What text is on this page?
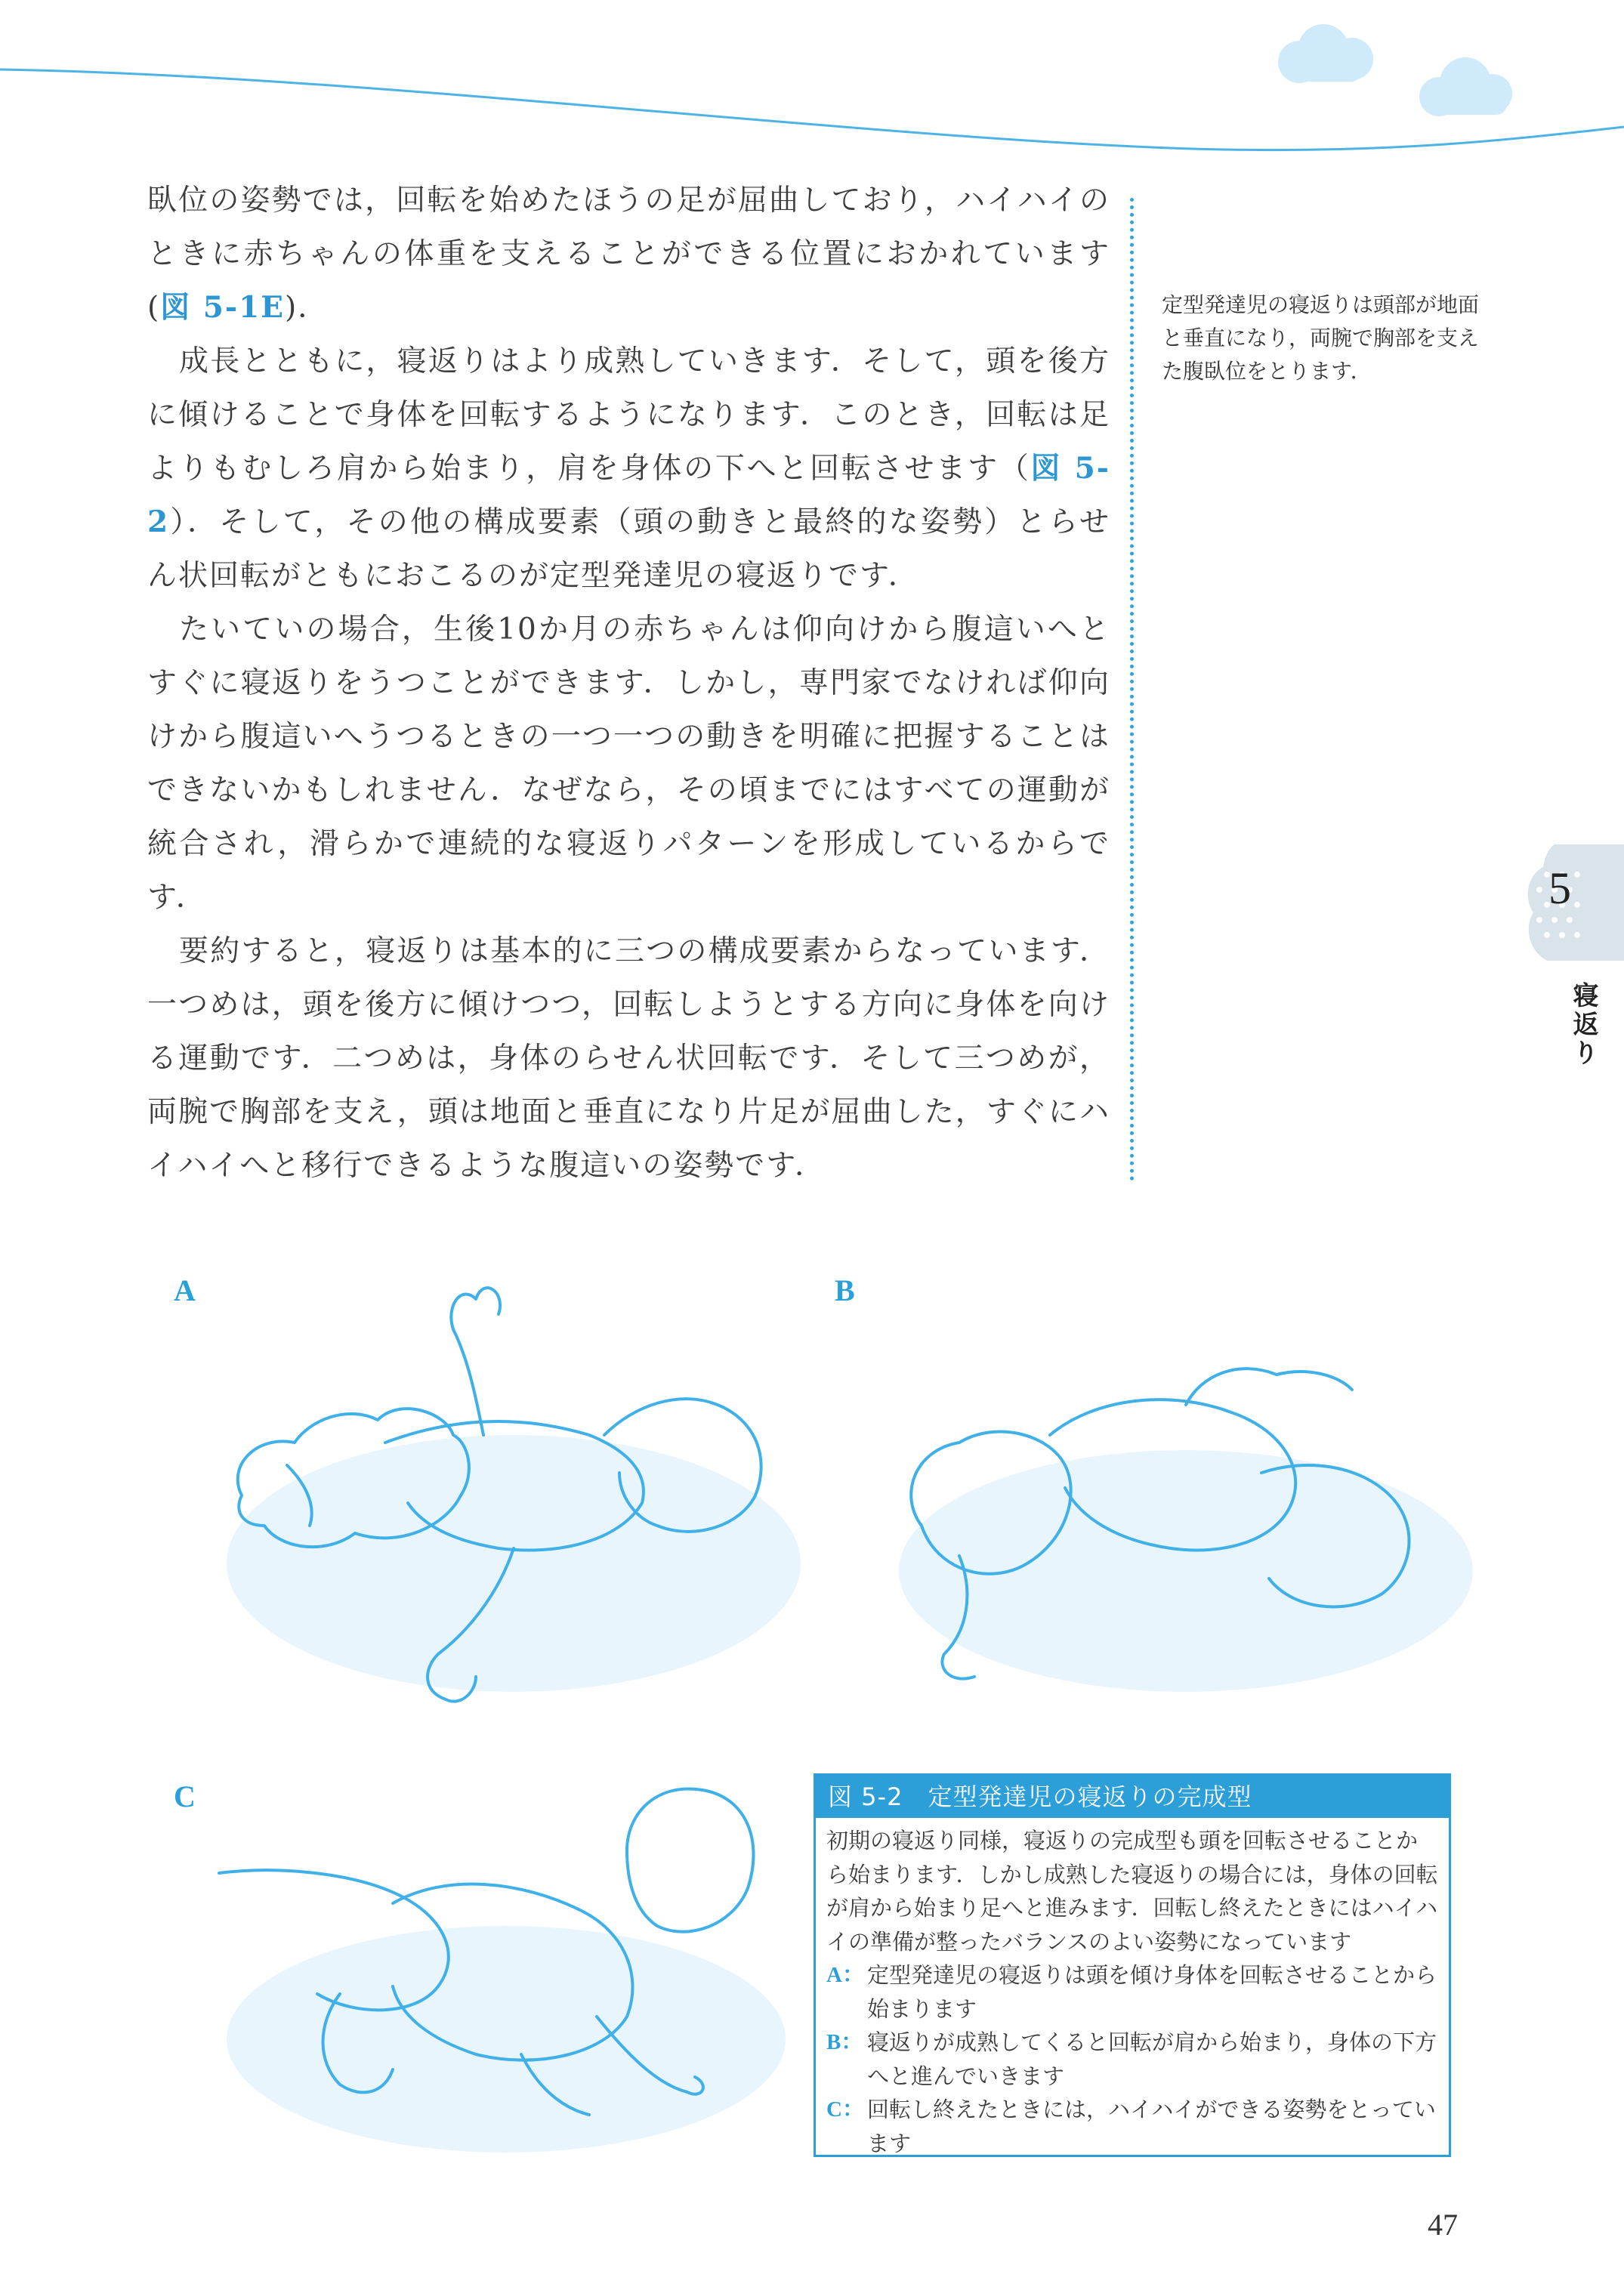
臥位の姿勢では，回転を始めたほうの足が屈曲しており，ハイハイのときに赤ちゃんの体重を支えることができる位置におかれています(図 5-1E)．

成長とともに，寝返りはより成熟していきます．そして，頭を後方に傾けることで身体を回転するようになります．このとき，回転は足よりもむしろ肩から始まり，肩を身体の下へと回転させます（図 5-2）．そして，その他の構成要素（頭の動きと最終的な姿勢）とらせん状回転がともにおこるのが定型発達児の寝返りです．

たいていの場合，生後10か月の赤ちゃんは仰向けから腹這いへとすぐに寝返りをうつことができます．しかし，専門家でなければ仰向けから腹這いへうつるときの一つ一つの動きを明確に把握することはできないかもしれません．なぜなら，その頃までにはすべての運動が統合され，滑らかで連続的な寝返りパターンを形成しているからです．

要約すると，寝返りは基本的に三つの構成要素からなっています．一つめは，頭を後方に傾けつつ，回転しようとする方向に身体を向ける運動です．二つめは，身体のらせん状回転です．そして三つめが，両腕で胸部を支え，頭は地面と垂直になり片足が屈曲した，すぐにハイハイへと移行できるような腹這いの姿勢です．

定型発達児の寝返りは頭部が地面と垂直になり，両腕で胸部を支えた腹臥位をとります．
5
寝返り
A	B
C	図 5-2　定型発達児の寝返りの完成型
初期の寝返り同様，寝返りの完成型も頭を回転させることから始まります．しかし成熟した寝返りの場合には，身体の回転が肩から始まり足へと進みます．回転し終えたときにはハイハイの準備が整ったバランスのよい姿勢になっています
A： 定型発達児の寝返りは頭を傾け身体を回転させることから始まります
B： 寝返りが成熟してくると回転が肩から始まり，身体の下方へと進んでいきます
C： 回転し終えたときには，ハイハイができる姿勢をとっています
47
